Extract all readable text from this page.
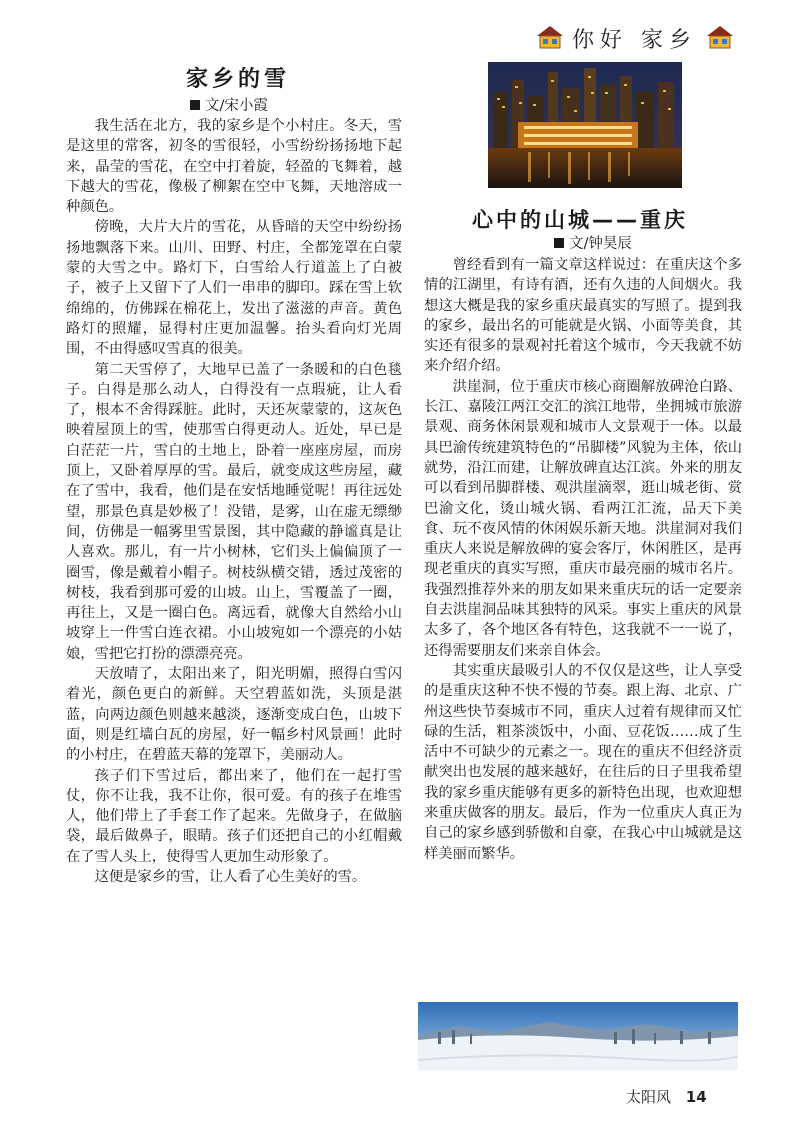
你好 家乡
家乡的雪
文/宋小霞

我生活在北方，我的家乡是个小村庄。冬天，雪是这里的常客，初冬的雪很轻，小雪纷纷扬扬地下起来，晶莹的雪花，在空中打着旋，轻盈的飞舞着，越下越大的雪花，像极了柳絮在空中飞舞，天地溶成一种颜色。

傍晚，大片大片的雪花，从昏暗的天空中纷纷扬扬地飘落下来。山川、田野、村庄，全都笼罩在白蒙蒙的大雪之中。路灯下，白雪给人行道盖上了白被子，被子上又留下了人们一串串的脚印。踩在雪上软绵绵的，仿佛踩在棉花上，发出了滋滋的声音。黄色路灯的照耀，显得村庄更加温馨。抬头看向灯光周围，不由得感叹雪真的很美。

第二天雪停了，大地早已盖了一条暖和的白色毯子。白得是那么动人，白得没有一点瑕疵，让人看了，根本不舍得踩脏。此时，天还灰蒙蒙的，这灰色映着屋顶上的雪，使那雪白得更动人。近处，早已是白茫茫一片，雪白的土地上，卧着一座座房屋，而房顶上，又卧着厚厚的雪。最后，就变成这些房屋，藏在了雪中，我看，他们是在安恬地睡觉呢！再往远处望，那景色真是妙极了！没错，是雾，山在虚无缥缈间，仿佛是一幅雾里雪景图，其中隐藏的静谧真是让人喜欢。那儿，有一片小树林，它们头上偏偏顶了一圈雪，像是戴着小帽子。树枝纵横交错，透过茂密的树枝，我看到那可爱的山坡。山上，雪覆盖了一圈，再往上，又是一圈白色。离远看，就像大自然给小山坡穿上一件雪白连衣裙。小山坡宛如一个漂亮的小姑娘，雪把它打扮的漂漂亮亮。

天放晴了，太阳出来了，阳光明媚，照得白雪闪着光，颜色更白的新鲜。天空碧蓝如洗，头顶是湛蓝，向两边颜色则越来越淡，逐渐变成白色，山坡下面，则是红墙白瓦的房屋，好一幅乡村风景画！此时的小村庄，在碧蓝天幕的笼罩下，美丽动人。

孩子们下雪过后，都出来了，他们在一起打雪仗，你不让我，我不让你，很可爱。有的孩子在堆雪人，他们带上了手套工作了起来。先做身子，在做脑袋，最后做鼻子，眼睛。孩子们还把自己的小红帽戴在了雪人头上，使得雪人更加生动形象了。

这便是家乡的雪，让人看了心生美好的雪。

心中的山城——重庆
文/钟昊辰

曾经看到有一篇文章这样说过：在重庆这个多情的江湖里，有诗有酒，还有久违的人间烟火。我想这大概是我的家乡重庆最真实的写照了。提到我的家乡，最出名的可能就是火锅、小面等美食，其实还有很多的景观衬托着这个城市，今天我就不妨来介绍介绍。

洪崖洞，位于重庆市核心商圈解放碑沧白路、长江、嘉陵江两江交汇的滨江地带，坐拥城市旅游景观、商务休闲景观和城市人文景观于一体。以最具巴渝传统建筑特色的“吊脚楼”风貌为主体，依山就势，沿江而建，让解放碑直达江滨。外来的朋友可以看到吊脚群楼、观洪崖滴翠，逛山城老街、赏巴渝文化，烫山城火锅、看两江汇流，品天下美食、玩不夜风情的休闲娱乐新天地。洪崖洞对我们重庆人来说是解放碑的宴会客厅，休闲胜区，是再现老重庆的真实写照，重庆市最亮丽的城市名片。我强烈推荐外来的朋友如果来重庆玩的话一定要亲自去洪崖洞品味其独特的风采。事实上重庆的风景太多了，各个地区各有特色，这我就不一一说了，还得需要朋友们来亲自体会。

其实重庆最吸引人的不仅仅是这些，让人享受的是重庆这种不快不慢的节奏。跟上海、北京、广州这些快节奏城市不同，重庆人过着有规律而又忙碌的生活，粗茶淡饭中，小面、豆花饭……成了生活中不可缺少的元素之一。现在的重庆不但经济贡献突出也发展的越来越好，在往后的日子里我希望我的家乡重庆能够有更多的新特色出现，也欢迎想来重庆做客的朋友。最后，作为一位重庆人真正为自己的家乡感到骄傲和自豪，在我心中山城就是这样美丽而繁华。

太阳风 14
